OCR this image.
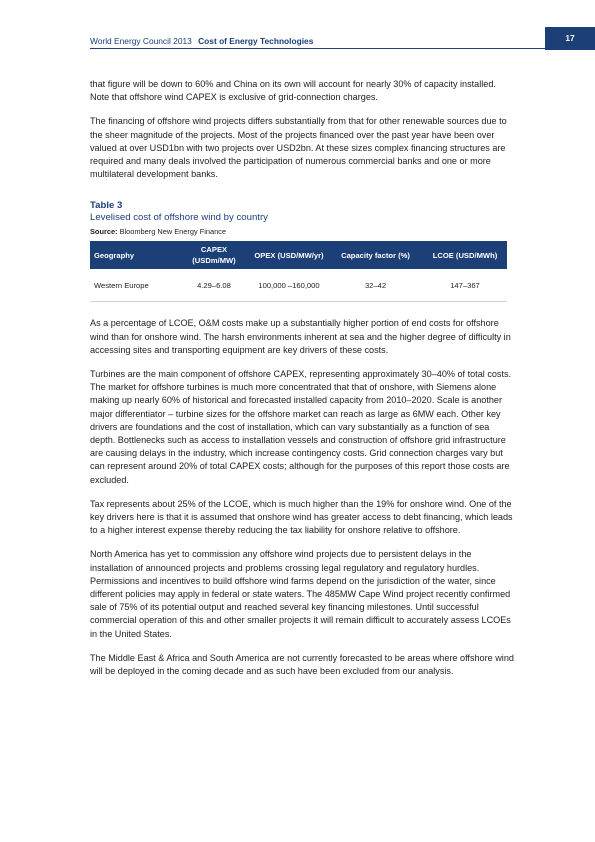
World Energy Council 2013 Cost of Energy Technologies	17

that figure will be down to 60% and China on its own will account for nearly 30% of capacity installed. Note that offshore wind CAPEX is exclusive of grid-connection charges.

The financing of offshore wind projects differs substantially from that for other renewable sources due to the sheer magnitude of the projects. Most of the projects financed over the past year have been over valued at over USD1bn with two projects over USD2bn. At these sizes complex financing structures are required and many deals involved the participation of numerous commercial banks and one or more multilateral development banks.

Table 3
Levelised cost of offshore wind by country
Source: Bloomberg New Energy Finance
Geography	CAPEX (USDm/MW)	OPEX (USD/MW/yr)	Capacity factor (%)	LCOE (USD/MWh)
Western Europe	4.29–6.08	100,000 –160,000	32–42	147–367

As a percentage of LCOE, O&M costs make up a substantially higher portion of end costs for offshore wind than for onshore wind. The harsh environments inherent at sea and the higher degree of difficulty in accessing sites and transporting equipment are key drivers of these costs.

Turbines are the main component of offshore CAPEX, representing approximately 30–40% of total costs. The market for offshore turbines is much more concentrated that that of onshore, with Siemens alone making up nearly 60% of historical and forecasted installed capacity from 2010–2020. Scale is another major differentiator – turbine sizes for the offshore market can reach as large as 6MW each. Other key drivers are foundations and the cost of installation, which can vary substantially as a function of sea depth. Bottlenecks such as access to installation vessels and construction of offshore grid infrastructure are causing delays in the industry, which increase contingency costs. Grid connection charges vary but can represent around 20% of total CAPEX costs; although for the purposes of this report those costs are excluded.

Tax represents about 25% of the LCOE, which is much higher than the 19% for onshore wind. One of the key drivers here is that it is assumed that onshore wind has greater access to debt financing, which leads to a higher interest expense thereby reducing the tax liability for onshore relative to offshore.

North America has yet to commission any offshore wind projects due to persistent delays in the installation of announced projects and problems crossing legal regulatory and regulatory hurdles. Permissions and incentives to build offshore wind farms depend on the jurisdiction of the water, since different policies may apply in federal or state waters. The 485MW Cape Wind project recently confirmed sale of 75% of its potential output and reached several key financing milestones. Until successful commercial operation of this and other smaller projects it will remain difficult to accurately assess LCOEs in the United States.

The Middle East & Africa and South America are not currently forecasted to be areas where offshore wind will be deployed in the coming decade and as such have been excluded from our analysis.
